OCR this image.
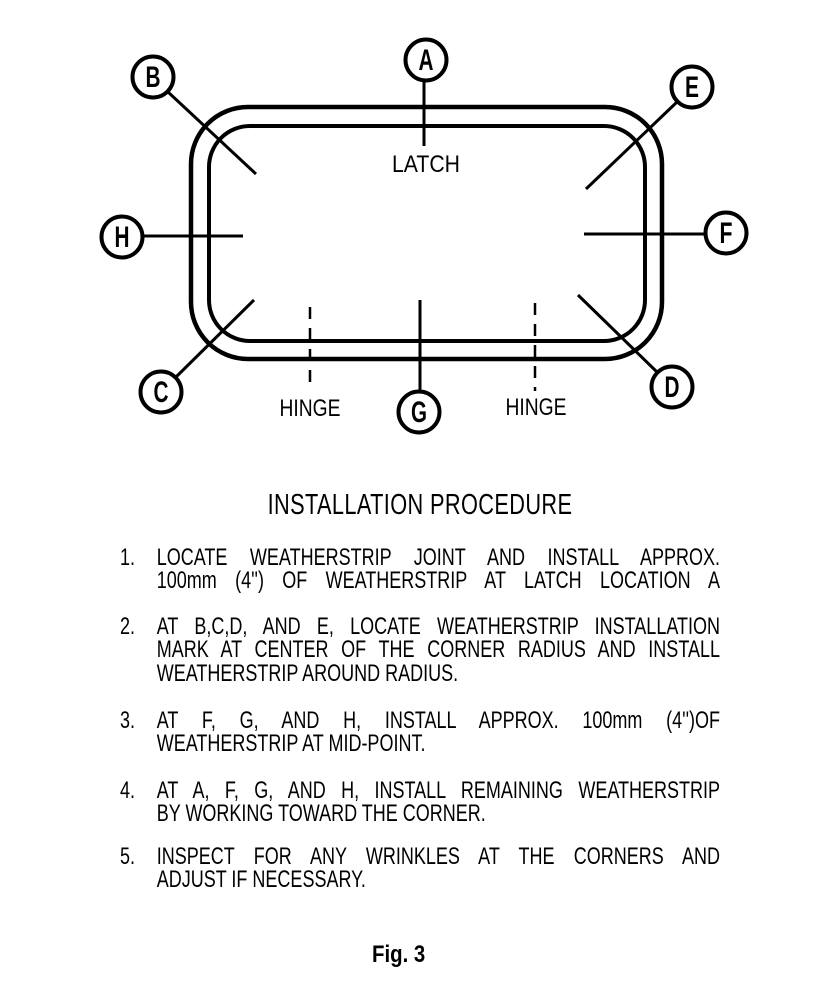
A
B	E
H	F
C
G
D
LATCH
HINGE	HINGE
INSTALLATION PROCEDURE
1. LOCATE WEATHERSTRIP JOINT AND INSTALL APPROX.
100mm (4'') OF WEATHERSTRIP AT LATCH LOCATION A
2. AT B,C,D, AND E, LOCATE WEATHERSTRIP INSTALLATION
MARK AT CENTER OF THE CORNER RADIUS AND INSTALL
WEATHERSTRIP AROUND RADIUS.
3. AT F, G, AND H, INSTALL APPROX. 100mm (4'')OF
WEATHERSTRIP AT MID-POINT.
4. AT A, F, G, AND H, INSTALL REMAINING WEATHERSTRIP
BY WORKING TOWARD THE CORNER.
5. INSPECT FOR ANY WRINKLES AT THE CORNERS AND
ADJUST IF NECESSARY.
Fig. 3
